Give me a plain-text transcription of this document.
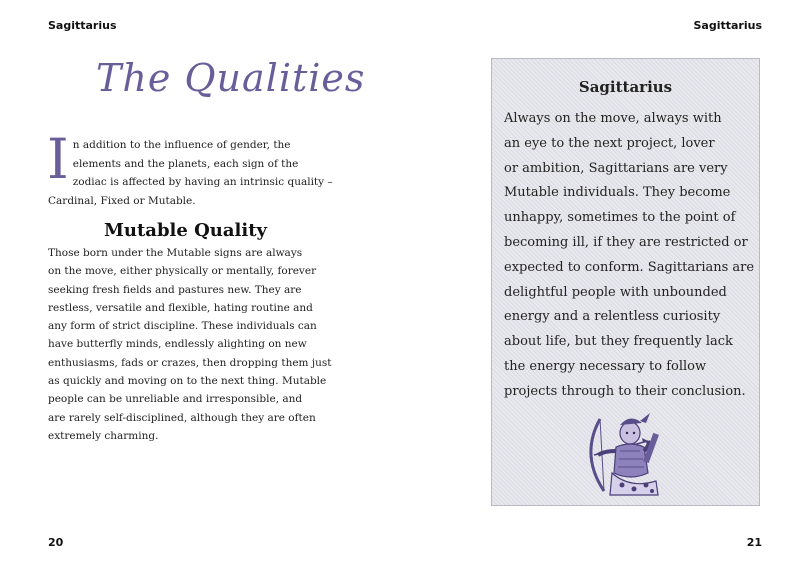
Sagittarius
The Qualities

I n addition to the influence of gender, the
elements and the planets, each sign of the
zodiac is affected by having an intrinsic quality –
Cardinal, Fixed or Mutable.

Mutable Quality

Those born under the Mutable signs are always
on the move, either physically or mentally, forever
seeking fresh fields and pastures new. They are
restless, versatile and flexible, hating routine and
any form of strict discipline. These individuals can
have butterfly minds, endlessly alighting on new
enthusiasms, fads or crazes, then dropping them just
as quickly and moving on to the next thing. Mutable
people can be unreliable and irresponsible, and
are rarely self-disciplined, although they are often
extremely charming.

20
Sagittarius
Sagittarius

Always on the move, always with
an eye to the next project, lover
or ambition, Sagittarians are very
Mutable individuals. They become
unhappy, sometimes to the point of
becoming ill, if they are restricted or
expected to conform. Sagittarians are
delightful people with unbounded
energy and a relentless curiosity
about life, but they frequently lack
the energy necessary to follow
projects through to their conclusion.

21
